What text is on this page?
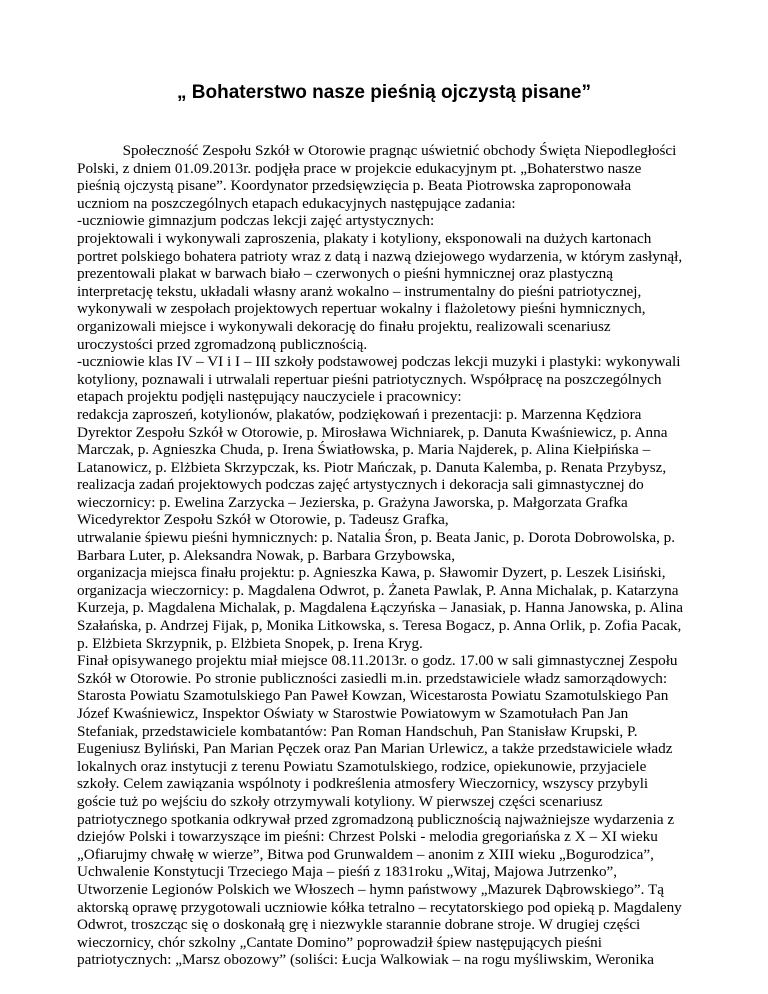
„ Bohaterstwo nasze pieśnią ojczystą pisane”
Społeczność Zespołu Szkół w Otorowie pragnąc uświetnić obchody Święta Niepodległości
Polski, z dniem 01.09.2013r. podjęła prace w projekcie edukacyjnym pt. „Bohaterstwo nasze
pieśnią ojczystą pisane”. Koordynator przedsięwzięcia p. Beata Piotrowska zaproponowała
uczniom na poszczególnych etapach edukacyjnych następujące zadania:
-uczniowie gimnazjum podczas lekcji zajęć artystycznych:
projektowali i wykonywali zaproszenia, plakaty i kotyliony, eksponowali na dużych kartonach
portret polskiego bohatera patrioty wraz z datą i nazwą dziejowego wydarzenia, w którym zasłynął,
prezentowali plakat w barwach biało – czerwonych o pieśni hymnicznej oraz plastyczną
interpretację tekstu, układali własny aranż wokalno – instrumentalny do pieśni patriotycznej,
wykonywali w zespołach projektowych repertuar wokalny i flażoletowy pieśni hymnicznych,
organizowali miejsce i wykonywali dekorację do finału projektu, realizowali scenariusz
uroczystości przed zgromadzoną publicznością.
-uczniowie klas IV – VI i I – III szkoły podstawowej podczas lekcji muzyki i plastyki: wykonywali
kotyliony, poznawali i utrwalali repertuar pieśni patriotycznych. Współpracę na poszczególnych
etapach projektu podjęli następujący nauczyciele i pracownicy:
redakcja zaproszeń, kotylionów, plakatów, podziękowań i prezentacji: p. Marzenna Kędziora
Dyrektor Zespołu Szkół w Otorowie, p. Mirosława Wichniarek, p. Danuta Kwaśniewicz, p. Anna
Marczak, p. Agnieszka Chuda, p. Irena Światłowska, p. Maria Najderek, p. Alina Kiełpińska –
Latanowicz, p. Elżbieta Skrzypczak, ks. Piotr Mańczak, p. Danuta Kalemba, p. Renata Przybysz,
realizacja zadań projektowych podczas zajęć artystycznych i dekoracja sali gimnastycznej do
wieczornicy: p. Ewelina Zarzycka – Jezierska, p. Grażyna Jaworska, p. Małgorzata Grafka
Wicedyrektor Zespołu Szkół w Otorowie, p. Tadeusz Grafka,
utrwalanie śpiewu pieśni hymnicznych: p. Natalia Śron, p. Beata Janic, p. Dorota Dobrowolska, p.
Barbara Luter, p. Aleksandra Nowak, p. Barbara Grzybowska,
organizacja miejsca finału projektu: p. Agnieszka Kawa, p. Sławomir Dyzert, p. Leszek Lisiński,
organizacja wieczornicy: p. Magdalena Odwrot, p. Żaneta Pawlak, P. Anna Michalak, p. Katarzyna
Kurzeja, p. Magdalena Michalak, p. Magdalena Łączyńska – Janasiak, p. Hanna Janowska, p. Alina
Szałańska, p. Andrzej Fijak, p, Monika Litkowska, s. Teresa Bogacz, p. Anna Orlik, p. Zofia Pacak,
p. Elżbieta Skrzypnik, p. Elżbieta Snopek, p. Irena Kryg.
Finał opisywanego projektu miał miejsce 08.11.2013r. o godz. 17.00 w sali gimnastycznej Zespołu
Szkół w Otorowie. Po stronie publiczności zasiedli m.in. przedstawiciele władz samorządowych:
Starosta Powiatu Szamotulskiego Pan Paweł Kowzan, Wicestarosta Powiatu Szamotulskiego Pan
Józef Kwaśniewicz, Inspektor Oświaty w Starostwie Powiatowym w Szamotułach Pan Jan
Stefaniak, przedstawiciele kombatantów: Pan Roman Handschuh, Pan Stanisław Krupski, P.
Eugeniusz Byliński, Pan Marian Pęczek oraz Pan Marian Urlewicz, a także przedstawiciele władz
lokalnych oraz instytucji z terenu Powiatu Szamotulskiego, rodzice, opiekunowie, przyjaciele
szkoły. Celem zawiązania wspólnoty i podkreślenia atmosfery Wieczornicy, wszyscy przybyli
goście tuż po wejściu do szkoły otrzymywali kotyliony. W pierwszej części scenariusz
patriotycznego spotkania odkrywał przed zgromadzoną publicznością najważniejsze wydarzenia z
dziejów Polski i towarzyszące im pieśni: Chrzest Polski - melodia gregoriańska z X – XI wieku
„Ofiarujmy chwałę w wierze”, Bitwa pod Grunwaldem – anonim z XIII wieku „Bogurodzica”,
Uchwalenie Konstytucji Trzeciego Maja – pieśń z 1831roku „Witaj, Majowa Jutrzenko”,
Utworzenie Legionów Polskich we Włoszech – hymn państwowy „Mazurek Dąbrowskiego”. Tą
aktorską oprawę przygotowali uczniowie kółka tetralno – recytatorskiego pod opieką p. Magdaleny
Odwrot, troszcząc się o doskonałą grę i niezwykle starannie dobrane stroje. W drugiej części
wieczornicy, chór szkolny „Cantate Domino” poprowadził śpiew następujących pieśni
patriotycznych: „Marsz obozowy” (soliści: Łucja Walkowiak – na rogu myśliwskim, Weronika
